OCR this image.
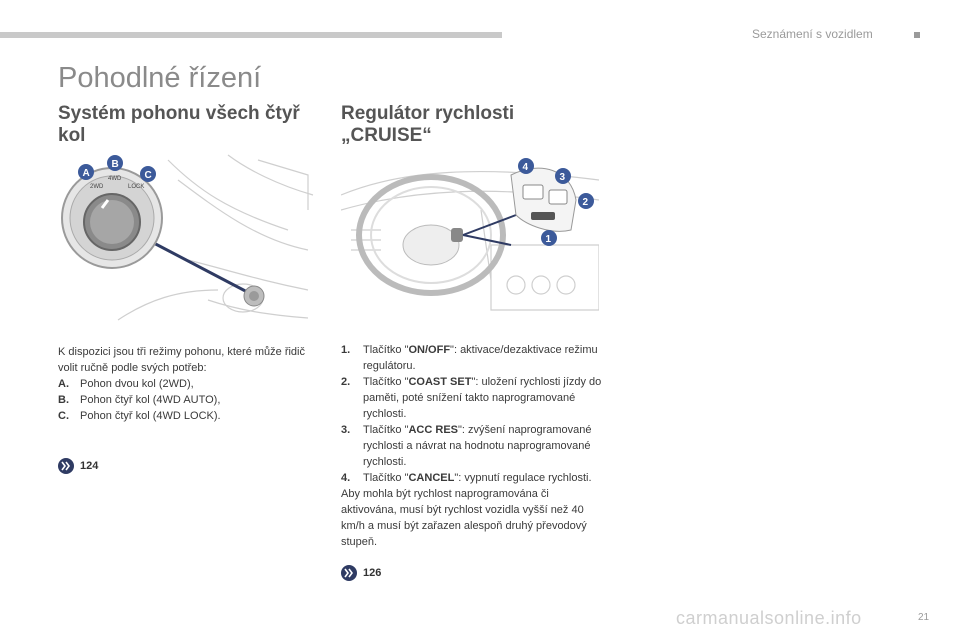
Seznámení s vozidlem
Pohodlné řízení
Systém pohonu všech čtyř kol
Regulátor rychlosti „CRUISE“
2WD
4WD
LOCK
A
B
C
4
3
2
1
K dispozici jsou tři režimy pohonu, které může řidič volit ručně podle svých potřeb:
A.	Pohon dvou kol (2WD),
B.	Pohon čtyř kol (4WD AUTO),
C.	Pohon čtyř kol (4WD LOCK).
124
1.	Tlačítko "ON/OFF": aktivace/dezaktivace režimu regulátoru.
2.	Tlačítko "COAST SET": uložení rychlosti jízdy do paměti, poté snížení takto naprogramované rychlosti.
3.	Tlačítko "ACC RES": zvýšení naprogramované rychlosti a návrat na hodnotu naprogramované rychlosti.
4.	Tlačítko "CANCEL": vypnutí regulace rychlosti.
Aby mohla být rychlost naprogramována či aktivována, musí být rychlost vozidla vyšší než 40 km/h a musí být zařazen alespoň druhý převodový stupeň.
126
carmanualsonline.info	21
